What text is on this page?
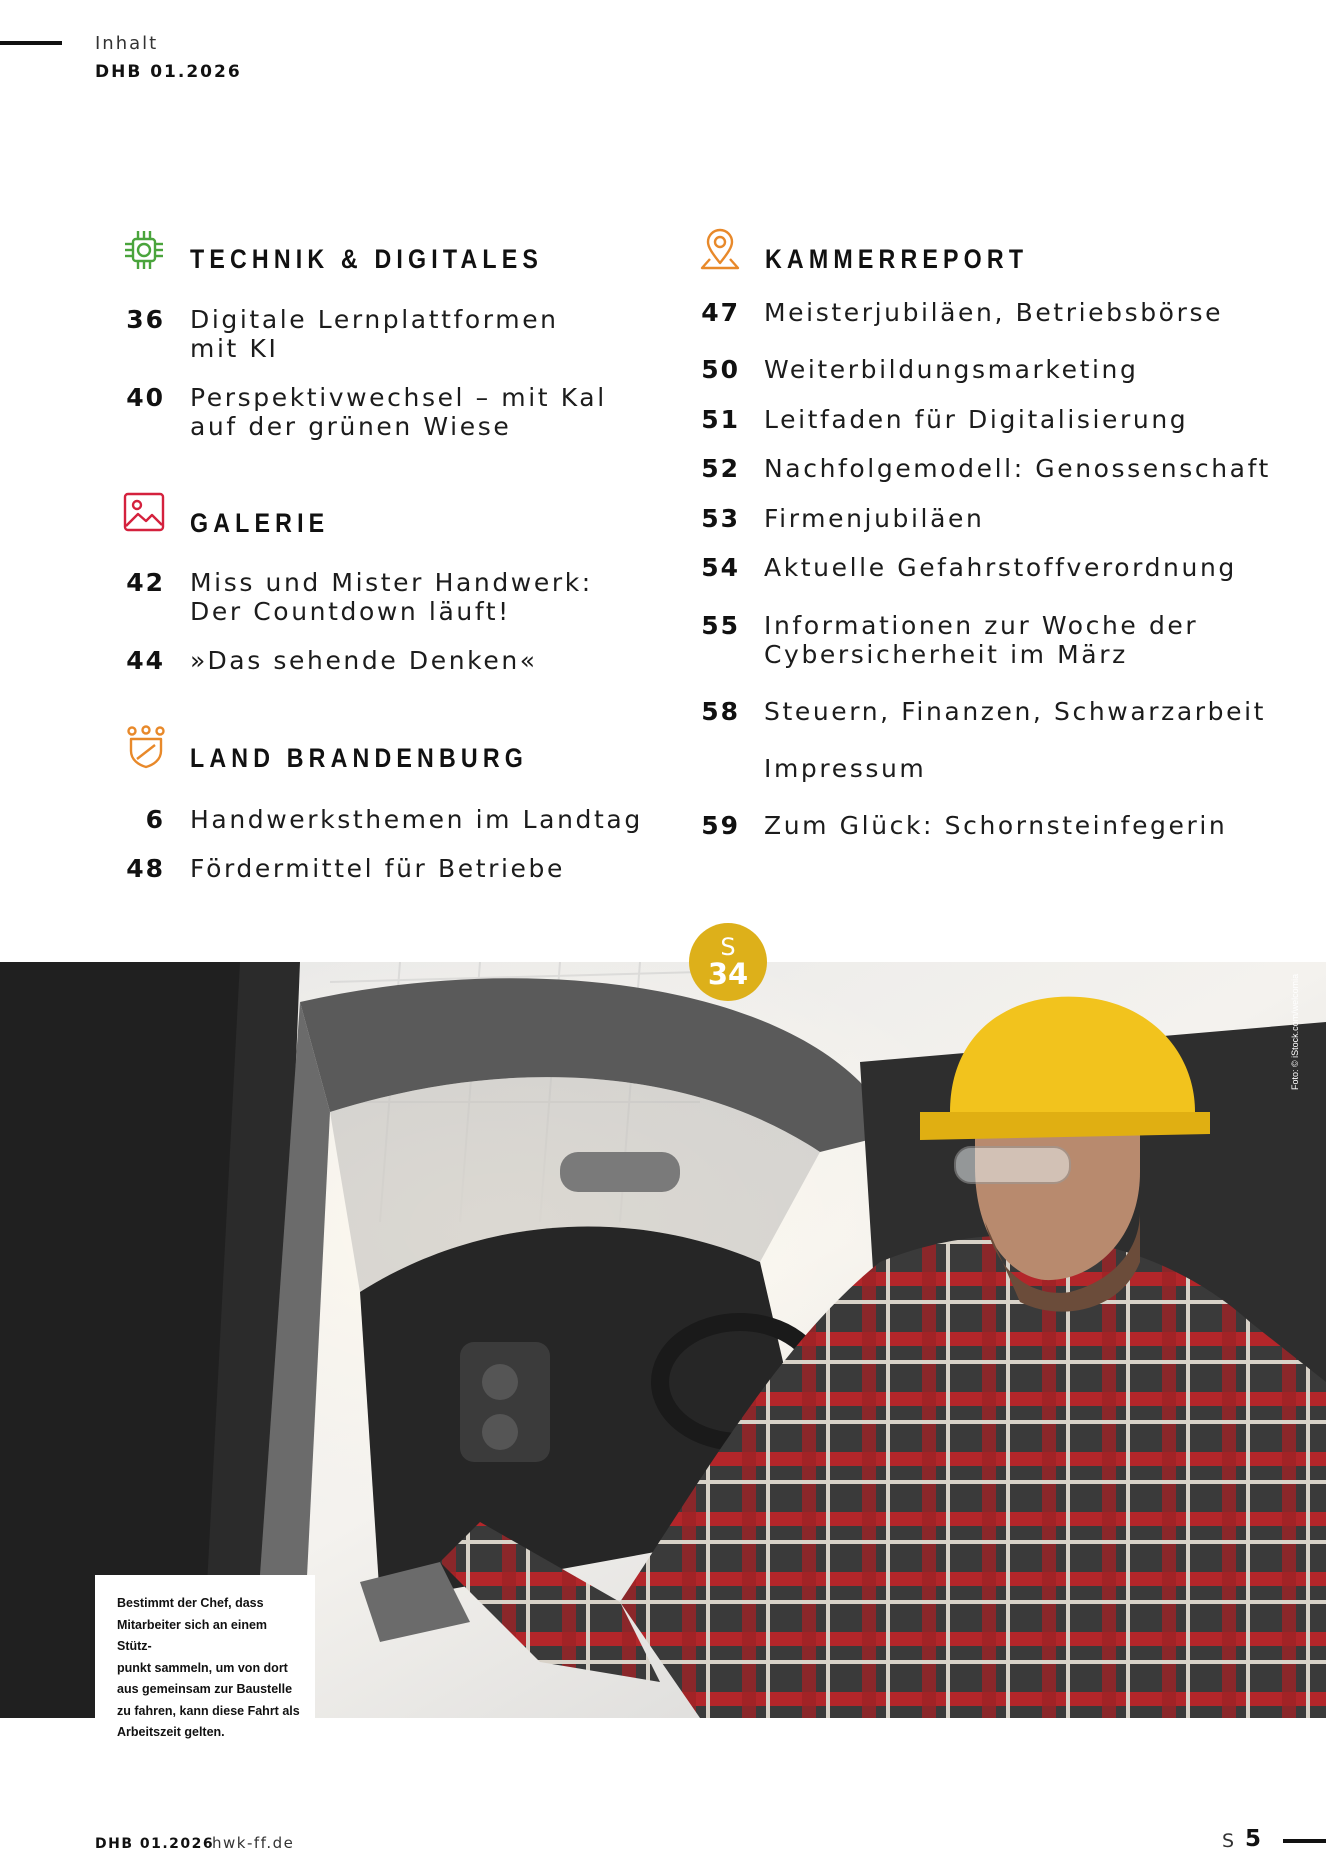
Inhalt
DHB 01.2026
TECHNIK & DIGITALES
36 Digitale Lernplattformen
mit KI
40 Perspektivwechsel – mit Kal
auf der grünen Wiese
GALERIE
42 Miss und Mister Handwerk:
Der Countdown läuft!
44 »Das sehende Denken«
LAND BRANDENBURG
6 Handwerksthemen im Landtag
48 Fördermittel für Betriebe
KAMMERREPORT
47 Meisterjubiläen, Betriebsbörse
50 Weiterbildungsmarketing
51 Leitfaden für Digitalisierung
52 Nachfolgemodell: Genossenschaft
53 Firmenjubiläen
54 Aktuelle Gefahrstoffverordnung
55 Informationen zur Woche der
Cybersicherheit im März
58 Steuern, Finanzen, Schwarzarbeit
Impressum
59 Zum Glück: Schornsteinfegerin
S
34	Foto: © iStock.com/welcomia
Bestimmt der Chef, dass
Mitarbeiter sich an einem Stütz-
punkt sammeln, um von dort
aus gemeinsam zur Baustelle
zu fahren, kann diese Fahrt als
Arbeitszeit gelten.
DHB 01.2026
hwk-ff.de	S 5
